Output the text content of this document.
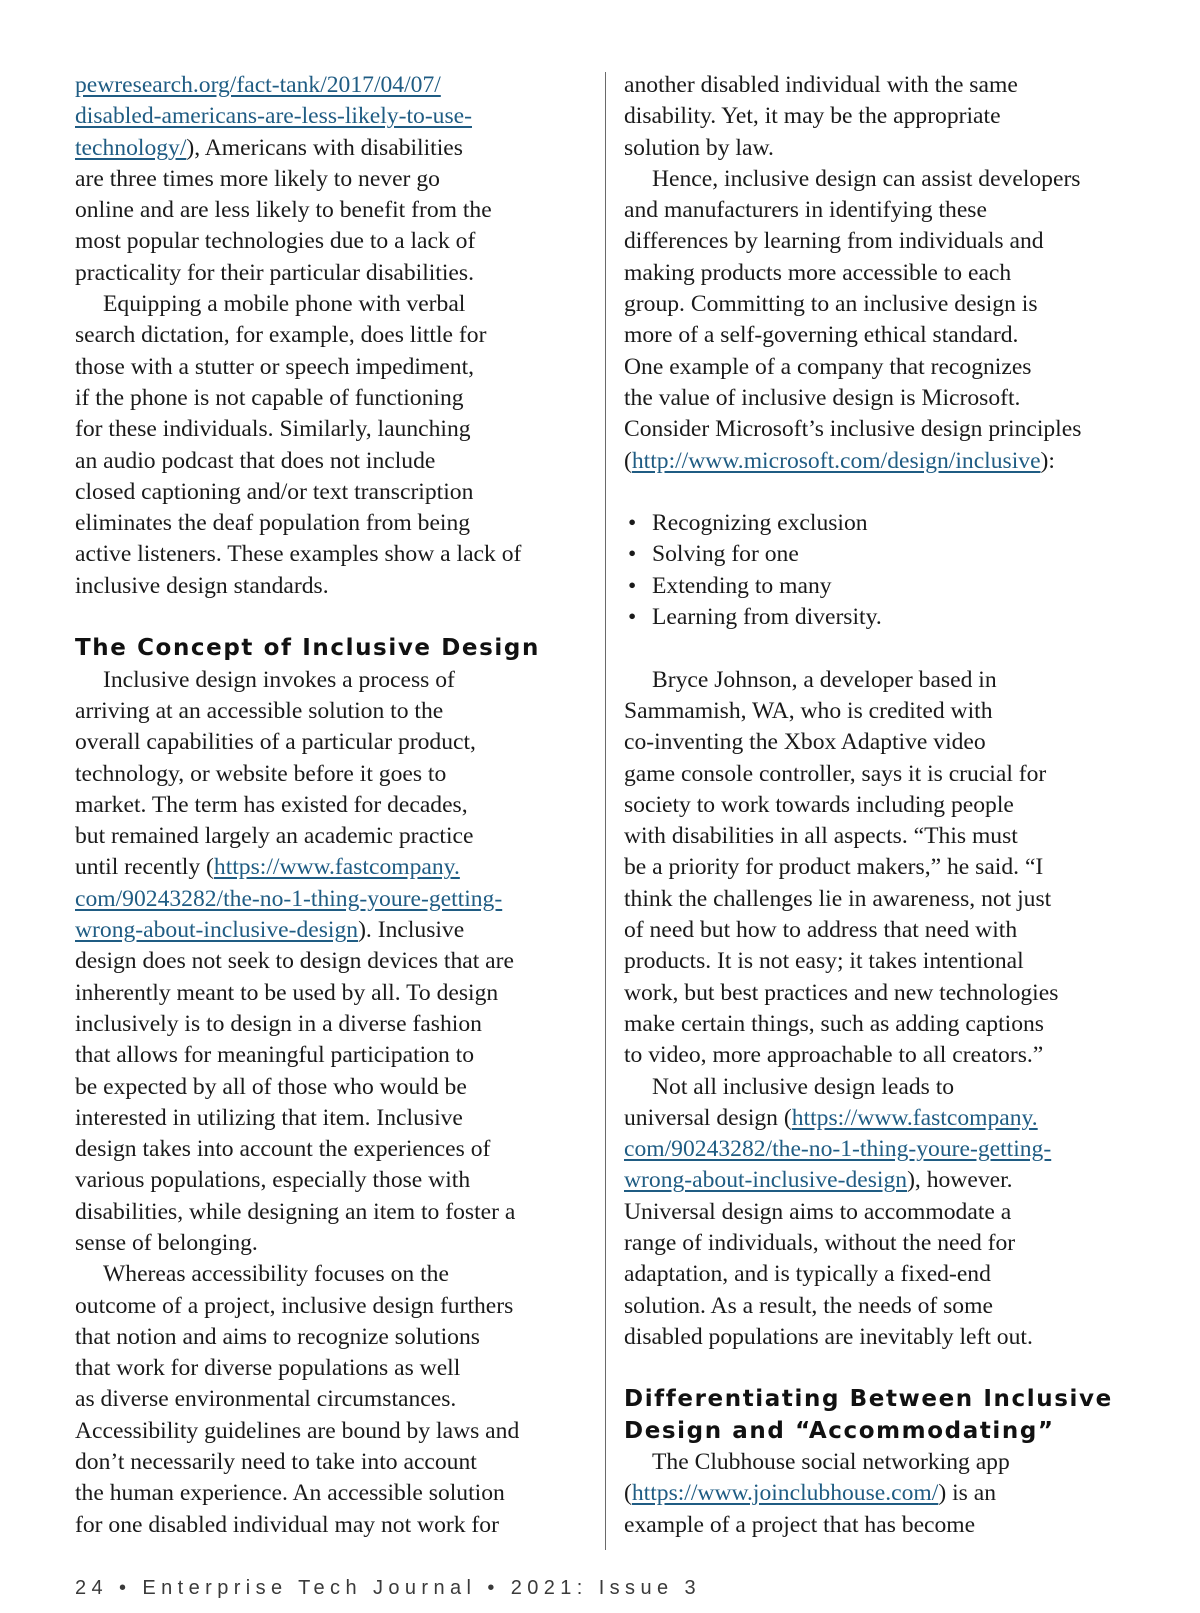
pewresearch.org/fact-tank/2017/04/07/
disabled-americans-are-less-likely-to-use-
technology/), Americans with disabilities
are three times more likely to never go
online and are less likely to benefit from the
most popular technologies due to a lack of
practicality for their particular disabilities.
Equipping a mobile phone with verbal
search dictation, for example, does little for
those with a stutter or speech impediment,
if the phone is not capable of functioning
for these individuals. Similarly, launching
an audio podcast that does not include
closed captioning and/or text transcription
eliminates the deaf population from being
active listeners. These examples show a lack of
inclusive design standards.
The Concept of Inclusive Design
Inclusive design invokes a process of
arriving at an accessible solution to the
overall capabilities of a particular product,
technology, or website before it goes to
market. The term has existed for decades,
but remained largely an academic practice
until recently (https://www.fastcompany.
com/90243282/the-no-1-thing-youre-getting-
wrong-about-inclusive-design). Inclusive
design does not seek to design devices that are
inherently meant to be used by all. To design
inclusively is to design in a diverse fashion
that allows for meaningful participation to
be expected by all of those who would be
interested in utilizing that item. Inclusive
design takes into account the experiences of
various populations, especially those with
disabilities, while designing an item to foster a
sense of belonging.
Whereas accessibility focuses on the
outcome of a project, inclusive design furthers
that notion and aims to recognize solutions
that work for diverse populations as well
as diverse environmental circumstances.
Accessibility guidelines are bound by laws and
don’t necessarily need to take into account
the human experience. An accessible solution
for one disabled individual may not work for
another disabled individual with the same
disability. Yet, it may be the appropriate
solution by law.
Hence, inclusive design can assist developers
and manufacturers in identifying these
differences by learning from individuals and
making products more accessible to each
group. Committing to an inclusive design is
more of a self-governing ethical standard.
One example of a company that recognizes
the value of inclusive design is Microsoft.
Consider Microsoft’s inclusive design principles
(http://www.microsoft.com/design/inclusive):
• Recognizing exclusion
• Solving for one
• Extending to many
• Learning from diversity.
Bryce Johnson, a developer based in
Sammamish, WA, who is credited with
co-inventing the Xbox Adaptive video
game console controller, says it is crucial for
society to work towards including people
with disabilities in all aspects. “This must
be a priority for product makers,” he said. “I
think the challenges lie in awareness, not just
of need but how to address that need with
products. It is not easy; it takes intentional
work, but best practices and new technologies
make certain things, such as adding captions
to video, more approachable to all creators.”
Not all inclusive design leads to
universal design (https://www.fastcompany.
com/90243282/the-no-1-thing-youre-getting-
wrong-about-inclusive-design), however.
Universal design aims to accommodate a
range of individuals, without the need for
adaptation, and is typically a fixed-end
solution. As a result, the needs of some
disabled populations are inevitably left out.
Differentiating Between Inclusive
Design and “Accommodating”
The Clubhouse social networking app
(https://www.joinclubhouse.com/) is an
example of a project that has become
24 • Enterprise Tech Journal • 2021: Issue 3
